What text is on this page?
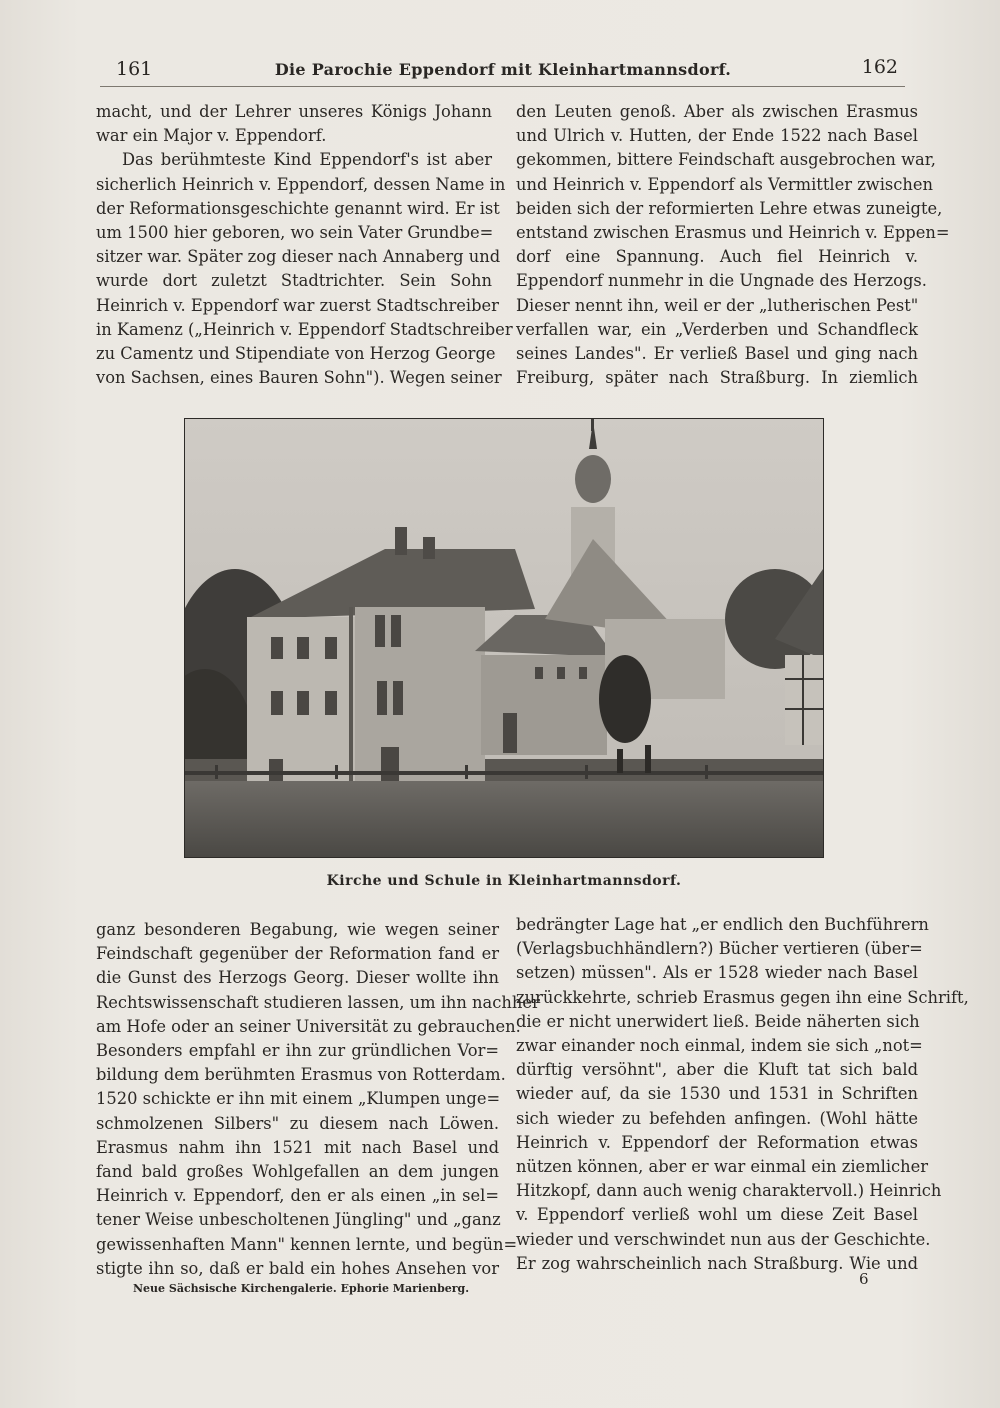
161	Die Parochie Eppendorf mit Kleinhartmannsdorf.	162

macht, und der Lehrer unseres Königs Johann

war ein Major v. Eppendorf.

Das berühmteste Kind Eppendorf's ist aber

sicherlich Heinrich v. Eppendorf, dessen Name in

der Reformationsgeschichte genannt wird. Er ist

um 1500 hier geboren, wo sein Vater Grundbe=

sitzer war. Später zog dieser nach Annaberg und

wurde dort zuletzt Stadtrichter. Sein Sohn

Heinrich v. Eppendorf war zuerst Stadtschreiber

in Kamenz („Heinrich v. Eppendorf Stadtschreiber

zu Camentz und Stipendiate von Herzog George

von Sachsen, eines Bauren Sohn"). Wegen seiner

den Leuten genoß. Aber als zwischen Erasmus

und Ulrich v. Hutten, der Ende 1522 nach Basel

gekommen, bittere Feindschaft ausgebrochen war,

und Heinrich v. Eppendorf als Vermittler zwischen

beiden sich der reformierten Lehre etwas zuneigte,

entstand zwischen Erasmus und Heinrich v. Eppen=

dorf eine Spannung. Auch fiel Heinrich v.

Eppendorf nunmehr in die Ungnade des Herzogs.

Dieser nennt ihn, weil er der „lutherischen Pest"

verfallen war, ein „Verderben und Schandfleck

seines Landes". Er verließ Basel und ging nach

Freiburg, später nach Straßburg. In ziemlich

Kirche und Schule in Kleinhartmannsdorf.

ganz besonderen Begabung, wie wegen seiner

Feindschaft gegenüber der Reformation fand er

die Gunst des Herzogs Georg. Dieser wollte ihn

Rechtswissenschaft studieren lassen, um ihn nachher

am Hofe oder an seiner Universität zu gebrauchen.

Besonders empfahl er ihn zur gründlichen Vor=

bildung dem berühmten Erasmus von Rotterdam.

1520 schickte er ihn mit einem „Klumpen unge=

schmolzenen Silbers" zu diesem nach Löwen.

Erasmus nahm ihn 1521 mit nach Basel und

fand bald großes Wohlgefallen an dem jungen

Heinrich v. Eppendorf, den er als einen „in sel=

tener Weise unbescholtenen Jüngling" und „ganz

gewissenhaften Mann" kennen lernte, und begün=

stigte ihn so, daß er bald ein hohes Ansehen vor

bedrängter Lage hat „er endlich den Buchführern

(Verlagsbuchhändlern?) Bücher vertieren (über=

setzen) müssen". Als er 1528 wieder nach Basel

zurückkehrte, schrieb Erasmus gegen ihn eine Schrift,

die er nicht unerwidert ließ. Beide näherten sich

zwar einander noch einmal, indem sie sich „not=

dürftig versöhnt", aber die Kluft tat sich bald

wieder auf, da sie 1530 und 1531 in Schriften

sich wieder zu befehden anfingen. (Wohl hätte

Heinrich v. Eppendorf der Reformation etwas

nützen können, aber er war einmal ein ziemlicher

Hitzkopf, dann auch wenig charaktervoll.) Heinrich

v. Eppendorf verließ wohl um diese Zeit Basel

wieder und verschwindet nun aus der Geschichte.

Er zog wahrscheinlich nach Straßburg. Wie und

Neue Sächsische Kirchengalerie. Ephorie Marienberg.
6
